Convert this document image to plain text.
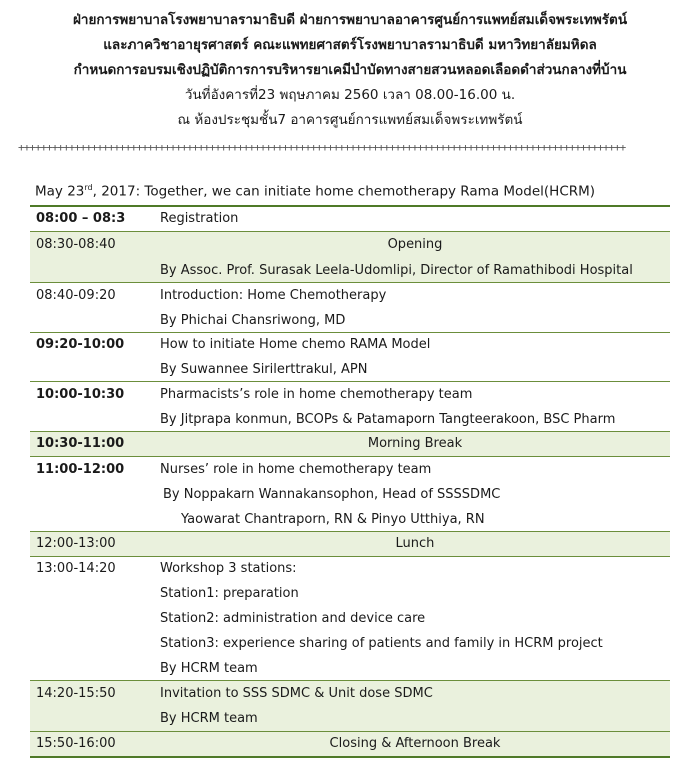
ฝ่ายการพยาบาลโรงพยาบาลรามาธิบดี ฝ่ายการพยาบาลอาคารศูนย์การแพทย์สมเด็จพระเทพรัตน์
และภาควิชาอายุรศาสตร์ คณะแพทยศาสตร์โรงพยาบาลรามาธิบดี มหาวิทยาลัยมหิดล
กำหนดการอบรมเชิงปฏิบัติการการบริหารยาเคมีบำบัดทางสายสวนหลอดเลือดดำส่วนกลางที่บ้าน
วันที่อังคารที่23 พฤษภาคม 2560 เวลา 08.00-16.00 น.
ณ ห้องประชุมชั้น7 อาคารศูนย์การแพทย์สมเด็จพระเทพรัตน์
++++++++++++++++++++++++++++++++++++++++++++++++++++++++++++++++++++++++++++++++++++++++++++++++++++++++++++
May 23rd, 2017: Together, we can initiate home chemotherapy Rama Model(HCRM)
08:00 – 08:3	Registration
08:30-08:40	Opening
By Assoc. Prof. Surasak Leela-Udomlipi, Director of Ramathibodi Hospital
08:40-09:20	Introduction: Home Chemotherapy
By Phichai Chansriwong, MD
09:20-10:00	How to initiate Home chemo RAMA Model
By Suwannee Sirilerttrakul, APN
10:00-10:30	Pharmacists’s role in home chemotherapy team
By Jitprapa konmun, BCOPs & Patamaporn Tangteerakoon, BSC Pharm
10:30-11:00	Morning Break
11:00-12:00	Nurses’ role in home chemotherapy team
By Noppakarn Wannakansophon, Head of SSSSDMC
Yaowarat Chantraporn, RN & Pinyo Utthiya, RN
12:00-13:00	Lunch
13:00-14:20	Workshop 3 stations:
Station1: preparation
Station2: administration and device care
Station3: experience sharing of patients and family in HCRM project
By HCRM team
14:20-15:50	Invitation to SSS SDMC & Unit dose SDMC
By HCRM team
15:50-16:00	Closing & Afternoon Break
